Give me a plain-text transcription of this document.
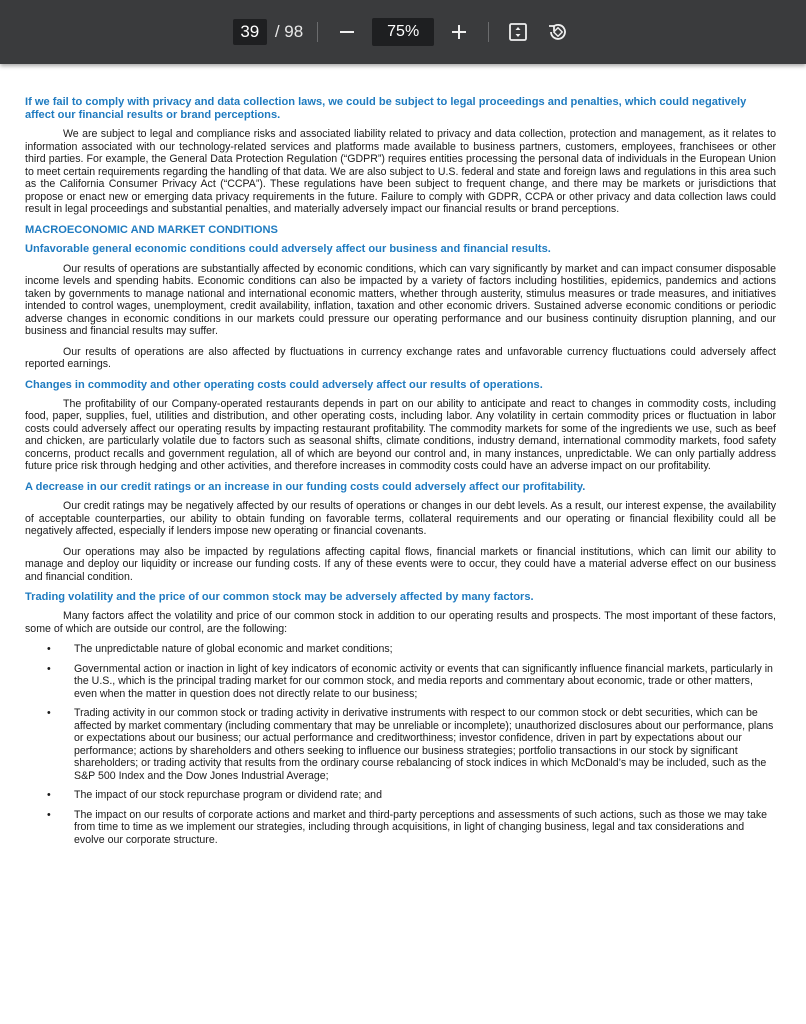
39 / 98	75%
If we fail to comply with privacy and data collection laws, we could be subject to legal proceedings and penalties, which could negatively affect our financial results or brand perceptions.

We are subject to legal and compliance risks and associated liability related to privacy and data collection, protection and management, as it relates to information associated with our technology-related services and platforms made available to business partners, customers, employees, franchisees or other third parties. For example, the General Data Protection Regulation (“GDPR”) requires entities processing the personal data of individuals in the European Union to meet certain requirements regarding the handling of that data. We are also subject to U.S. federal and state and foreign laws and regulations in this area such as the California Consumer Privacy Act (“CCPA”). These regulations have been subject to frequent change, and there may be markets or jurisdictions that propose or enact new or emerging data privacy requirements in the future. Failure to comply with GDPR, CCPA or other privacy and data collection laws could result in legal proceedings and substantial penalties, and materially adversely impact our financial results or brand perceptions.

MACROECONOMIC AND MARKET CONDITIONS
Unfavorable general economic conditions could adversely affect our business and financial results.

Our results of operations are substantially affected by economic conditions, which can vary significantly by market and can impact consumer disposable income levels and spending habits. Economic conditions can also be impacted by a variety of factors including hostilities, epidemics, pandemics and actions taken by governments to manage national and international economic matters, whether through austerity, stimulus measures or trade measures, and initiatives intended to control wages, unemployment, credit availability, inflation, taxation and other economic drivers. Sustained adverse economic conditions or periodic adverse changes in economic conditions in our markets could pressure our operating performance and our business continuity disruption planning, and our business and financial results may suffer.

Our results of operations are also affected by fluctuations in currency exchange rates and unfavorable currency fluctuations could adversely affect reported earnings.

Changes in commodity and other operating costs could adversely affect our results of operations.

The profitability of our Company-operated restaurants depends in part on our ability to anticipate and react to changes in commodity costs, including food, paper, supplies, fuel, utilities and distribution, and other operating costs, including labor. Any volatility in certain commodity prices or fluctuation in labor costs could adversely affect our operating results by impacting restaurant profitability. The commodity markets for some of the ingredients we use, such as beef and chicken, are particularly volatile due to factors such as seasonal shifts, climate conditions, industry demand, international commodity markets, food safety concerns, product recalls and government regulation, all of which are beyond our control and, in many instances, unpredictable. We can only partially address future price risk through hedging and other activities, and therefore increases in commodity costs could have an adverse impact on our profitability.

A decrease in our credit ratings or an increase in our funding costs could adversely affect our profitability.

Our credit ratings may be negatively affected by our results of operations or changes in our debt levels. As a result, our interest expense, the availability of acceptable counterparties, our ability to obtain funding on favorable terms, collateral requirements and our operating or financial flexibility could all be negatively affected, especially if lenders impose new operating or financial covenants.

Our operations may also be impacted by regulations affecting capital flows, financial markets or financial institutions, which can limit our ability to manage and deploy our liquidity or increase our funding costs. If any of these events were to occur, they could have a material adverse effect on our business and financial condition.

Trading volatility and the price of our common stock may be adversely affected by many factors.

Many factors affect the volatility and price of our common stock in addition to our operating results and prospects. The most important of these factors, some of which are outside our control, are the following:

• The unpredictable nature of global economic and market conditions;
• Governmental action or inaction in light of key indicators of economic activity or events that can significantly influence financial markets, particularly in the U.S., which is the principal trading market for our common stock, and media reports and commentary about economic, trade or other matters, even when the matter in question does not directly relate to our business;
• Trading activity in our common stock or trading activity in derivative instruments with respect to our common stock or debt securities, which can be affected by market commentary (including commentary that may be unreliable or incomplete); unauthorized disclosures about our performance, plans or expectations about our business; our actual performance and creditworthiness; investor confidence, driven in part by expectations about our performance; actions by shareholders and others seeking to influence our business strategies; portfolio transactions in our stock by significant shareholders; or trading activity that results from the ordinary course rebalancing of stock indices in which McDonald’s may be included, such as the S&P 500 Index and the Dow Jones Industrial Average;
• The impact of our stock repurchase program or dividend rate; and
• The impact on our results of corporate actions and market and third-party perceptions and assessments of such actions, such as those we may take from time to time as we implement our strategies, including through acquisitions, in light of changing business, legal and tax considerations and evolve our corporate structure.
